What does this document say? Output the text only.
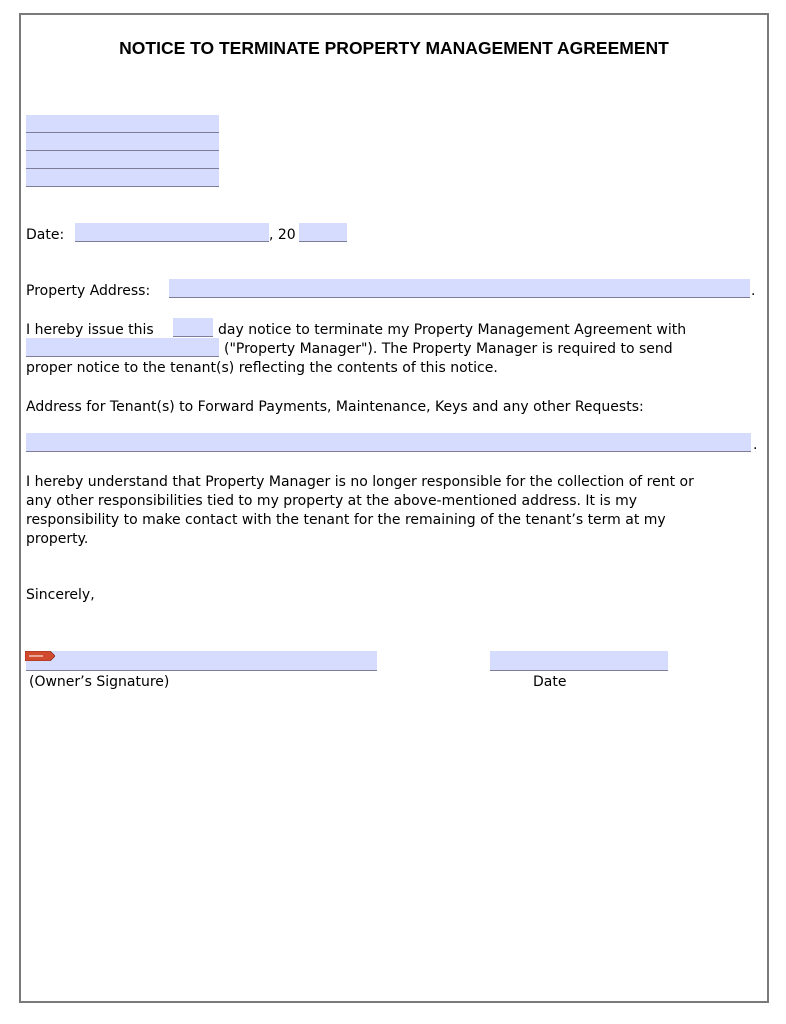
NOTICE TO TERMINATE PROPERTY MANAGEMENT AGREEMENT
Date:	, 20
Property Address:	.
I hereby issue this	day notice to terminate my Property Management Agreement with
("Property Manager"). The Property Manager is required to send
proper notice to the tenant(s) reflecting the contents of this notice.
Address for Tenant(s) to Forward Payments, Maintenance, Keys and any other Requests:
.
I hereby understand that Property Manager is no longer responsible for the collection of rent or
any other responsibilities tied to my property at the above-mentioned address. It is my
responsibility to make contact with the tenant for the remaining of the tenant’s term at my
property.
Sincerely,
(Owner’s Signature)	Date
